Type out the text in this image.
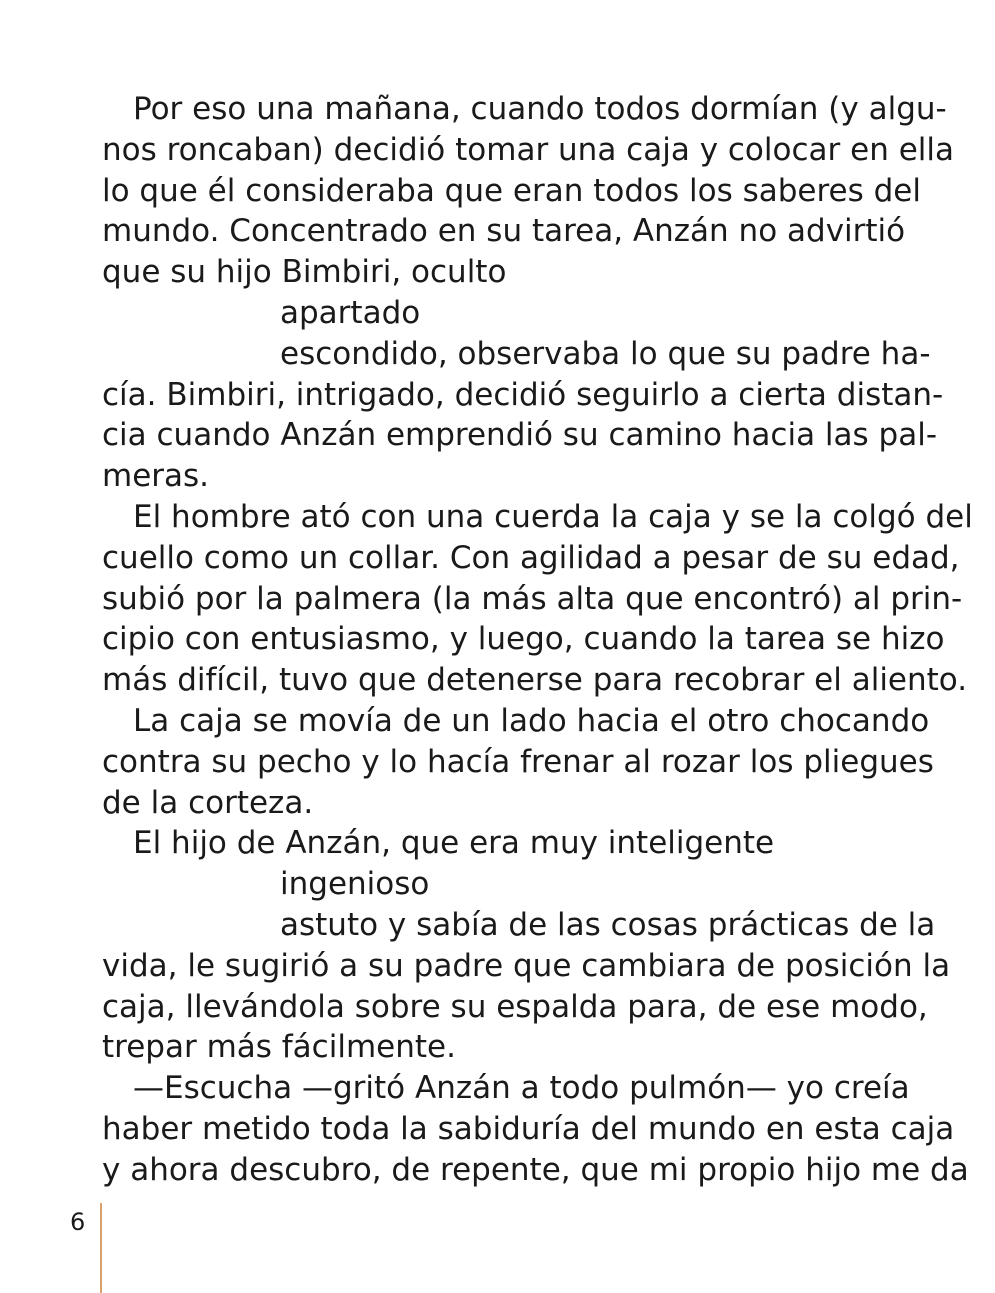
Por eso una mañana, cuando todos dormían (y algu-
nos roncaban) decidió tomar una caja y colocar en ella
lo que él consideraba que eran todos los saberes del
mundo. Concentrado en su tarea, Anzán no advirtió
que su hijo Bimbiri, oculto
apartado
escondido, observaba lo que su padre ha-
cía. Bimbiri, intrigado, decidió seguirlo a cierta distan-
cia cuando Anzán emprendió su camino hacia las pal-
meras.
El hombre ató con una cuerda la caja y se la colgó del
cuello como un collar. Con agilidad a pesar de su edad,
subió por la palmera (la más alta que encontró) al prin-
cipio con entusiasmo, y luego, cuando la tarea se hizo
más difícil, tuvo que detenerse para recobrar el aliento.
La caja se movía de un lado hacia el otro chocando
contra su pecho y lo hacía frenar al rozar los pliegues
de la corteza.
El hijo de Anzán, que era muy inteligente
ingenioso
astuto y sabía de las cosas prácticas de la
vida, le sugirió a su padre que cambiara de posición la
caja, llevándola sobre su espalda para, de ese modo,
trepar más fácilmente.
—Escucha —gritó Anzán a todo pulmón— yo creía
haber metido toda la sabiduría del mundo en esta caja
y ahora descubro, de repente, que mi propio hijo me da
6
